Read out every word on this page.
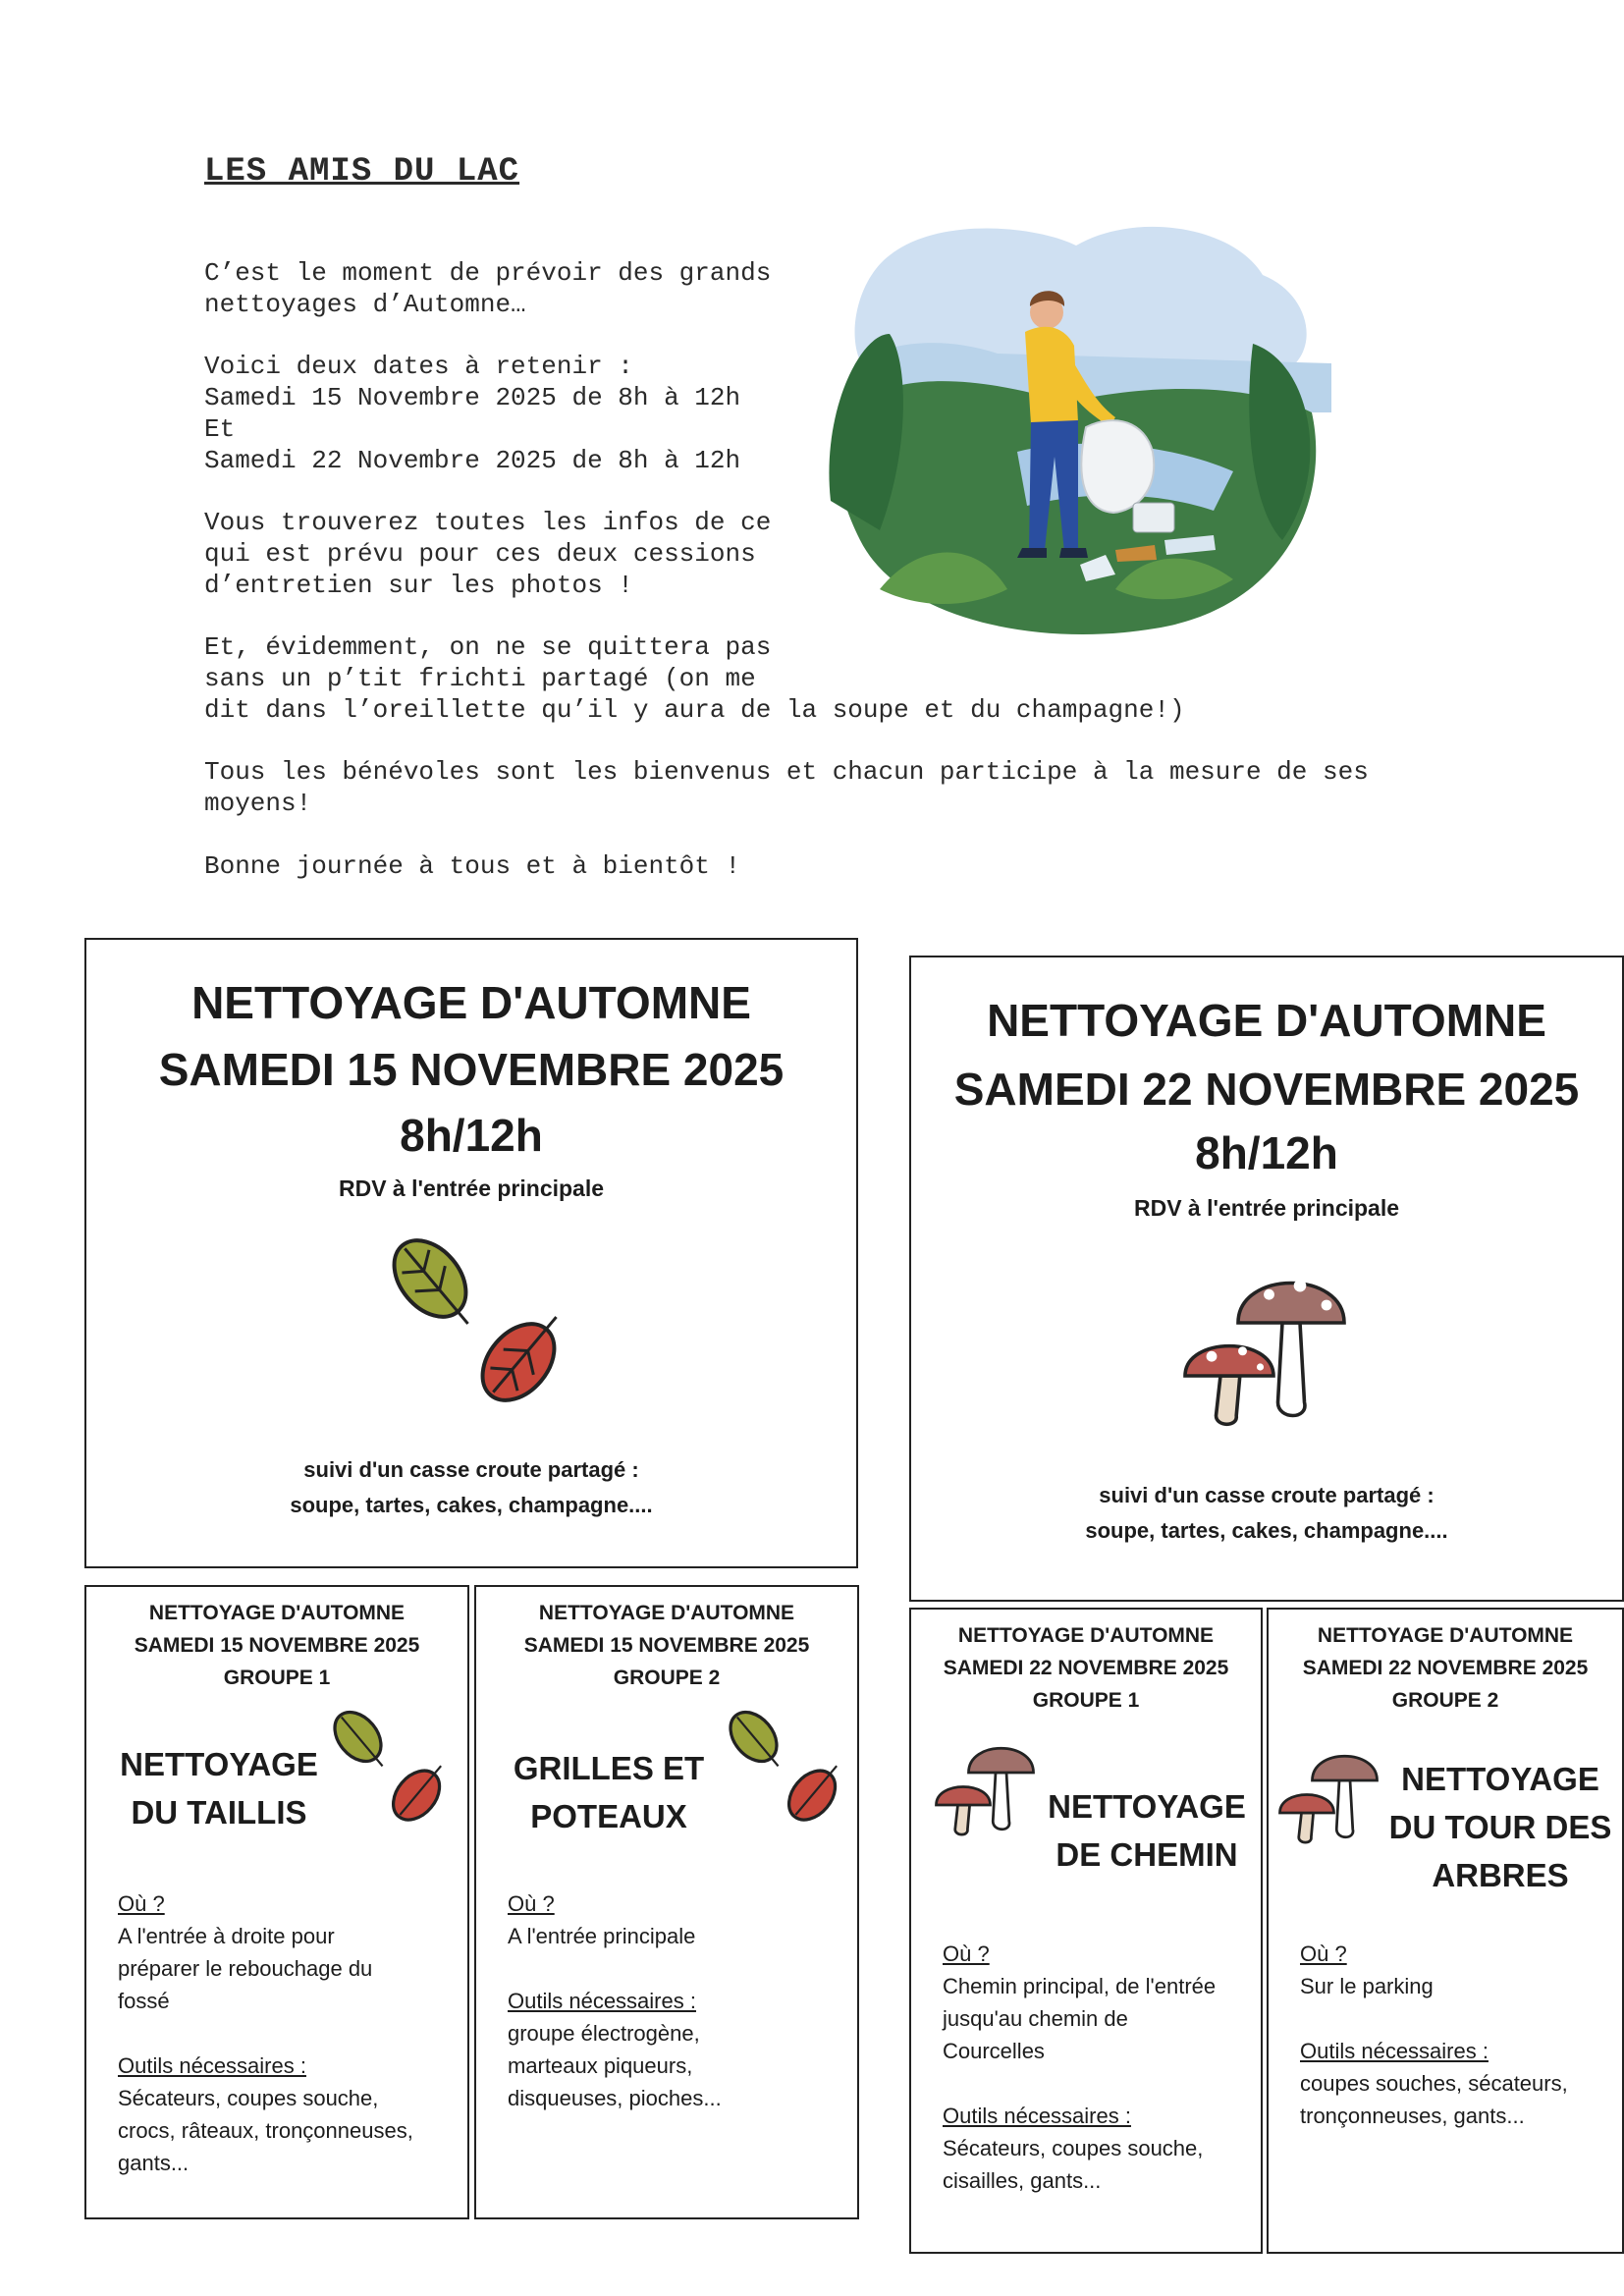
LES AMIS DU LAC

C’est le moment de prévoir des grands
nettoyages d’Automne…

Voici deux dates à retenir :
Samedi 15 Novembre 2025 de 8h à 12h
Et
Samedi 22 Novembre 2025 de 8h à 12h

Vous trouverez toutes les infos de ce
qui est prévu pour ces deux cessions
d’entretien sur les photos !

Et, évidemment, on ne se quittera pas
sans un p’tit frichti partagé (on me
dit dans l’oreillette qu’il y aura de la soupe et du champagne!)

Tous les bénévoles sont les bienvenus et chacun participe à la mesure de ses
moyens!

Bonne journée à tous et à bientôt !

NETTOYAGE D'AUTOMNE
SAMEDI 15 NOVEMBRE 2025
8h/12h
RDV à l'entrée principale
suivi d'un casse croute partagé :
soupe, tartes, cakes, champagne....
NETTOYAGE D'AUTOMNE
SAMEDI 22 NOVEMBRE 2025
8h/12h
RDV à l'entrée principale
suivi d'un casse croute partagé :
soupe, tartes, cakes, champagne....
NETTOYAGE D'AUTOMNE
SAMEDI 15 NOVEMBRE 2025
GROUPE 1
NETTOYAGE
DU TAILLIS
Où ?
A l'entrée à droite pour
préparer le rebouchage du
fossé
Outils nécessaires :
Sécateurs, coupes souche,
crocs, râteaux, tronçonneuses,
gants...
NETTOYAGE D'AUTOMNE
SAMEDI 15 NOVEMBRE 2025
GROUPE 2
GRILLES ET
POTEAUX
Où ?
A l'entrée principale
Outils nécessaires :
groupe électrogène,
marteaux piqueurs,
disqueuses, pioches...
NETTOYAGE D'AUTOMNE
SAMEDI 22 NOVEMBRE 2025
GROUPE 1
NETTOYAGE
DE CHEMIN
Où ?
Chemin principal, de l'entrée
jusqu'au chemin de
Courcelles
Outils nécessaires :
Sécateurs, coupes souche,
cisailles, gants...
NETTOYAGE D'AUTOMNE
SAMEDI 22 NOVEMBRE 2025
GROUPE 2
NETTOYAGE
DU TOUR DES
ARBRES
Où ?
Sur le parking
Outils nécessaires :
coupes souches, sécateurs,
tronçonneuses, gants...
